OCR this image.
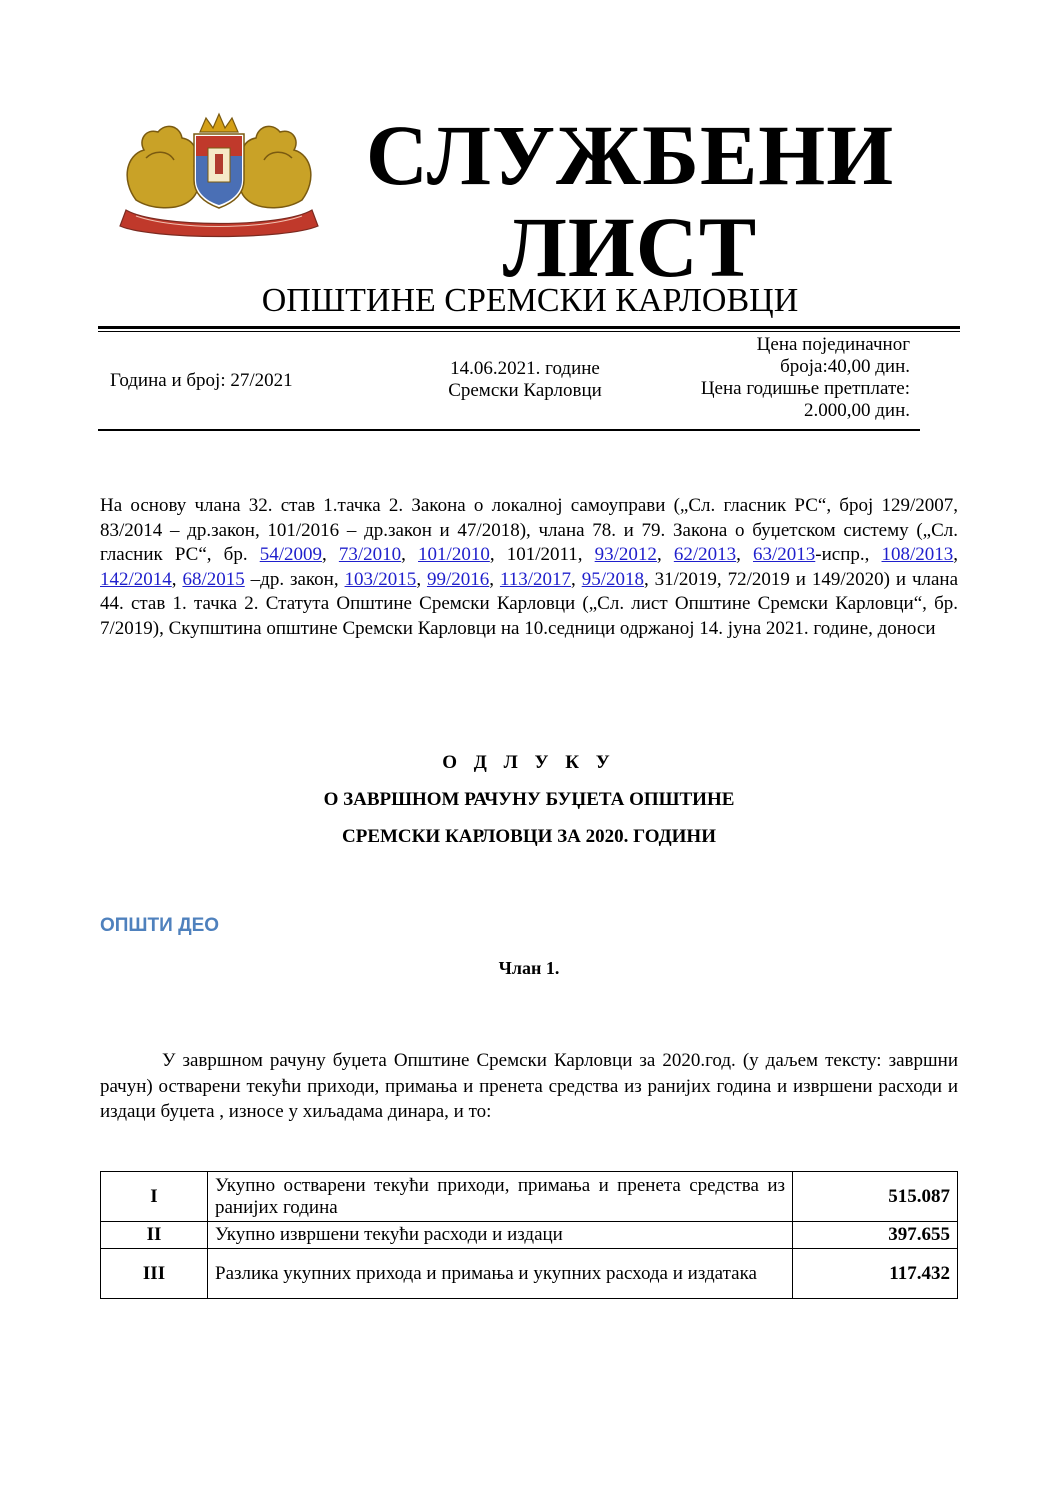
СЛУЖБЕНИ
ЛИСТ
ОПШТИНЕ СРЕМСКИ КАРЛОВЦИ
Година и број: 27/2021
14.06.2021. године
Сремски Карловци
Цена појединачног
броја:40,00 дин.
Цена годишње претплате:
2.000,00 дин.
На основу члана 32. став 1.тачка 2. Закона о локалној самоуправи („Сл. гласник РС“, број 129/2007, 83/2014 – др.закон, 101/2016 – др.закон и 47/2018), члана 78. и 79. Закона о буџетском систему („Сл. гласник РС“, бр. 54/2009, 73/2010, 101/2010, 101/2011, 93/2012, 62/2013, 63/2013-испр., 108/2013, 142/2014, 68/2015 –др. закон, 103/2015, 99/2016, 113/2017, 95/2018, 31/2019, 72/2019 и 149/2020) и члана 44. став 1. тачка 2. Статута Општине Сремски Карловци („Сл. лист Општине Сремски Карловци“, бр. 7/2019), Скупштина општине Сремски Карловци на 10.седници одржаној 14. јуна 2021. године, доноси
О Д Л У К У
О ЗАВРШНОМ РАЧУНУ БУЏЕТА ОПШТИНЕ
СРЕМСКИ КАРЛОВЦИ ЗА 2020. ГОДИНИ
ОПШТИ ДЕО
Члан 1.
У завршном рачуну буџета Општине Сремски Карловци за 2020.год. (у даљем тексту: завршни рачун) остварени текући приходи, примања и пренета средства из ранијих година и извршени расходи и издаци буџета , износе у хиљадама динара, и то:
I	Укупно остварени текући приходи, примања и пренета средства из ранијих година	515.087
II	Укупно извршени текући расходи и издаци	397.655
III	Разлика укупних прихода и примања и укупних расхода и издатака	117.432
